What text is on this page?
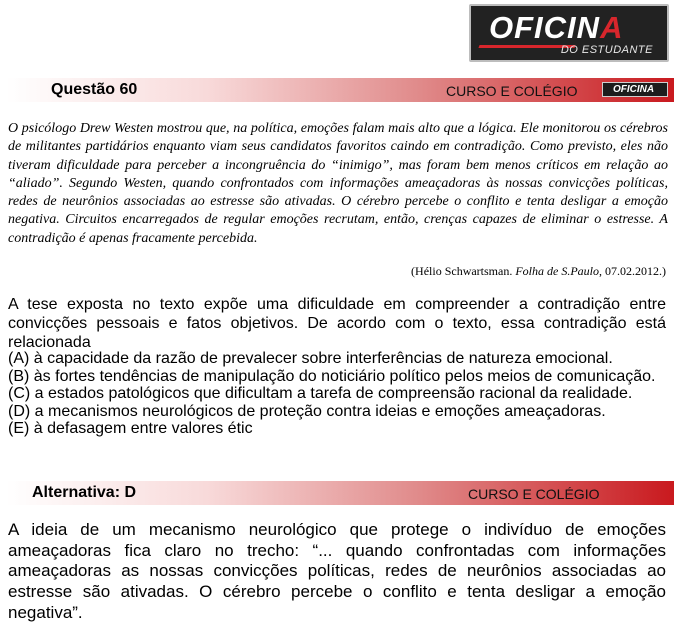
OFICINA
DO ESTUDANTE
Questão 60	CURSO E COLÉGIO	OFICINA

O psicólogo Drew Westen mostrou que, na política, emoções falam mais alto que a lógica. Ele monitorou os cérebros de militantes partidários enquanto viam seus candidatos favoritos caindo em contradição. Como previsto, eles não tiveram dificuldade para perceber a incongruência do “inimigo”, mas foram bem menos críticos em relação ao “aliado”. Segundo Westen, quando confrontados com informações ameaçadoras às nossas convicções políticas, redes de neurônios associadas ao estresse são ativadas. O cérebro percebe o conflito e tenta desligar a emoção negativa. Circuitos encarregados de regular emoções recrutam, então, crenças capazes de eliminar o estresse. A contradição é apenas fracamente percebida.

(Hélio Schwartsman. Folha de S.Paulo, 07.02.2012.)

A tese exposta no texto expõe uma dificuldade em compreender a contradição entre convicções pessoais e fatos objetivos. De acordo com o texto, essa contradição está relacionada

(A) à capacidade da razão de prevalecer sobre interferências de natureza emocional.
(B) às fortes tendências de manipulação do noticiário político pelos meios de comunicação.
(C) a estados patológicos que dificultam a tarefa de compreensão racional da realidade.
(D) a mecanismos neurológicos de proteção contra ideias e emoções ameaçadoras.
(E) à defasagem entre valores étic
Alternativa: D	CURSO E COLÉGIO

A ideia de um mecanismo neurológico que protege o indivíduo de emoções ameaçadoras fica claro no trecho: “... quando confrontadas com informações ameaçadoras as nossas convicções políticas, redes de neurônios associadas ao estresse são ativadas. O cérebro percebe o conflito e tenta desligar a emoção negativa”.
